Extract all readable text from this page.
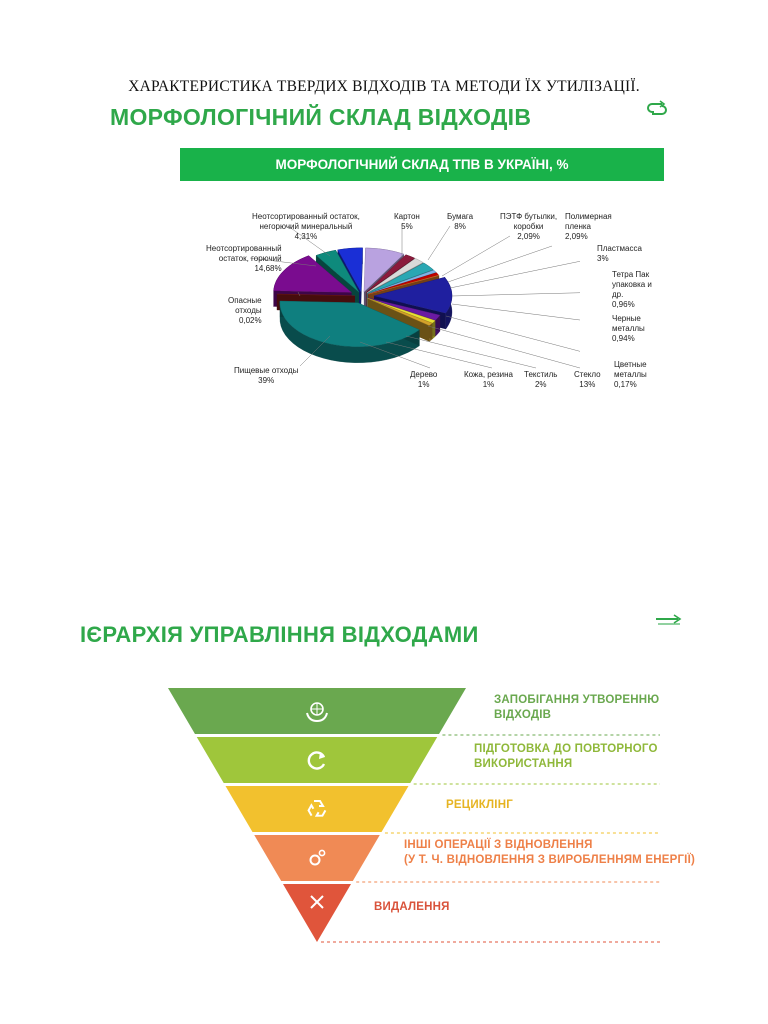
ХАРАКТЕРИСТИКА ТВЕРДИХ ВІДХОДІВ ТА МЕТОДИ ЇХ УТИЛІЗАЦІЇ.
МОРФОЛОГІЧНИЙ СКЛАД ВІДХОДІВ
МОРФОЛОГІЧНИЙ СКЛАД ТПВ В УКРАЇНІ, %
Неотсортированный остаток,
негорючий минеральный
4,31%
Картон
5%
Бумага
8%
ПЭТФ бутылки,
коробки
2,09%
Полимерная
пленка
2,09%
Пластмасса
3%
Тетра Пак
упаковка и
др.
0,96%
Черные
металлы
0,94%
Цветные
металлы
0,17%
Стекло
13%
Текстиль
2%
Кожа, резина
1%
Дерево
1%
Пищевые отходы
39%
Опасные
отходы
0,02%
Неотсортированный
остаток, горючий
14,68%
ІЄРАРХІЯ УПРАВЛІННЯ ВІДХОДАМИ
ЗАПОБІГАННЯ УТВОРЕННЮ
ВІДХОДІВ
ПІДГОТОВКА ДО ПОВТОРНОГО
ВИКОРИСТАННЯ
РЕЦИКЛІНГ
ІНШІ ОПЕРАЦІЇ З ВІДНОВЛЕННЯ
(У Т. Ч. ВІДНОВЛЕННЯ З ВИРОБЛЕННЯМ ЕНЕРГІЇ)
ВИДАЛЕННЯ
